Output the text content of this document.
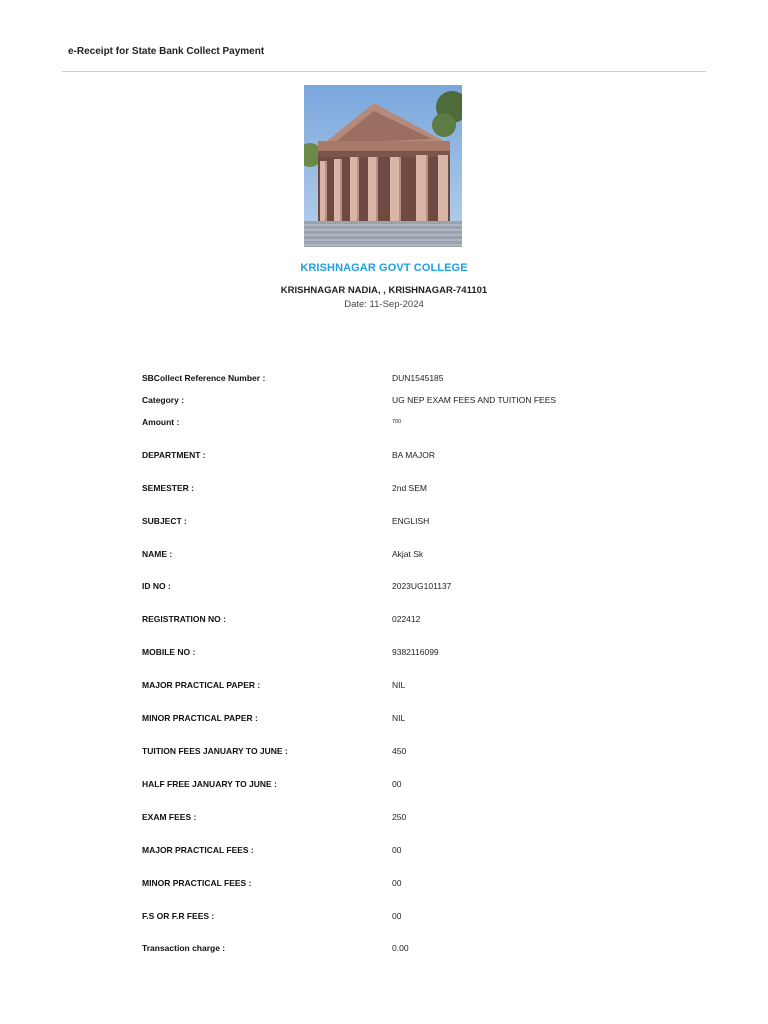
e-Receipt for State Bank Collect Payment
KRISHNAGAR GOVT COLLEGE
KRISHNAGAR NADIA, , KRISHNAGAR-741101
Date: 11-Sep-2024
SBCollect Reference Number :	DUN1545185
Category :	UG NEP EXAM FEES AND TUITION FEES
Amount :	700
DEPARTMENT :	BA MAJOR
SEMESTER :	2nd SEM
SUBJECT :	ENGLISH
NAME :	Akjat Sk
ID NO :	2023UG101137
REGISTRATION NO :	022412
MOBILE NO :	9382116099
MAJOR PRACTICAL PAPER :	NIL
MINOR PRACTICAL PAPER :	NIL
TUITION FEES JANUARY TO JUNE :	450
HALF FREE JANUARY TO JUNE :	00
EXAM FEES :	250
MAJOR PRACTICAL FEES :	00
MINOR PRACTICAL FEES :	00
F.S OR F.R FEES :	00
Transaction charge :	0.00
